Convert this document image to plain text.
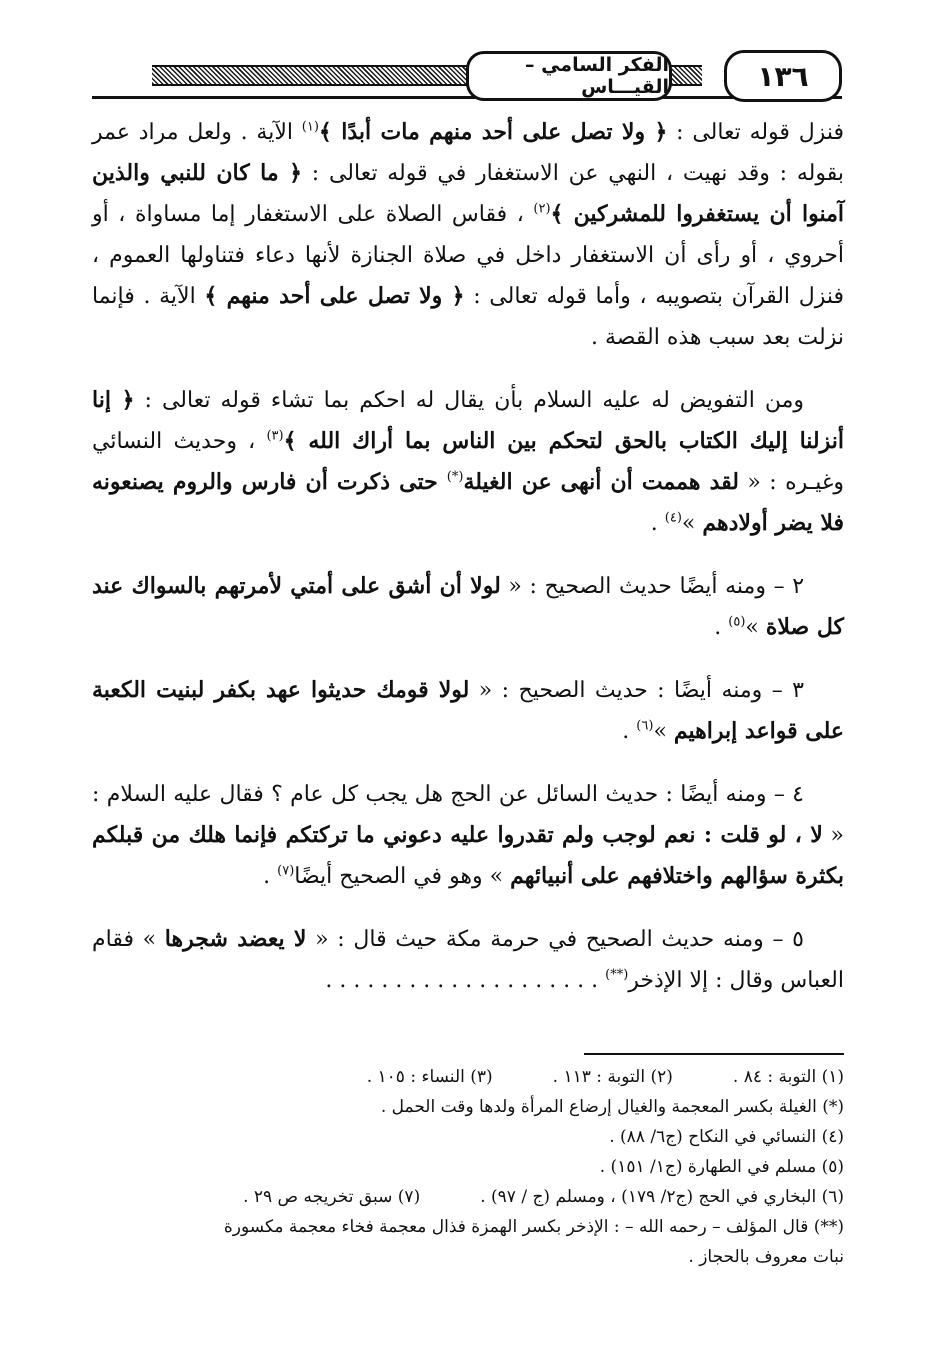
١٣٦
الفكر السامي – القيـــاس

فنزل قوله تعالى : ﴿ ولا تصل على أحد منهم مات أبدًا ﴾$^{(١)}$ الآية . ولعل مراد عمر بقوله : وقد نهيت ، النهي عن الاستغفار في قوله تعالى : ﴿ ما كان للنبي والذين آمنوا أن يستغفروا للمشركين ﴾$^{(٢)}$ ، فقاس الصلاة على الاستغفار إما مساواة ، أو أحروي ، أو رأى أن الاستغفار داخل في صلاة الجنازة لأنها دعاء فتناولها العموم ، فنزل القرآن بتصويبه ، وأما قوله تعالى : ﴿ ولا تصل على أحد منهم ﴾ الآية . فإنما نزلت بعد سبب هذه القصة .

ومن التفويض له عليه السلام بأن يقال له احكم بما تشاء قوله تعالى : ﴿ إنا أنزلنا إليك الكتاب بالحق لتحكم بين الناس بما أراك الله ﴾$^{(٣)}$ ، وحديث النسائي وغيـره : « لقد هممت أن أنهى عن الغيلة(*) حتى ذكرت أن فارس والروم يصنعونه فلا يضر أولادهم »$^{(٤)}$ .

٢ – ومنه أيضًا حديث الصحيح : « لولا أن أشق على أمتي لأمرتهم بالسواك عند كل صلاة »$^{(٥)}$ .

٣ – ومنه أيضًا : حديث الصحيح : « لولا قومك حديثوا عهد بكفر لبنيت الكعبة على قواعد إبراهيم »$^{(٦)}$ .

٤ – ومنه أيضًا : حديث السائل عن الحج هل يجب كل عام ؟ فقال عليه السلام : « لا ، لو قلت : نعم لوجب ولم تقدروا عليه دعوني ما تركتكم فإنما هلك من قبلكم بكثرة سؤالهم واختلافهم على أنبيائهم » وهو في الصحيح أيضًا$^{(٧)}$ .

٥ – ومنه حديث الصحيح في حرمة مكة حيث قال : « لا يعضد شجرها » فقام العباس وقال : إلا الإذخر(**) . . . . . . . . . . . . . . . . . . . .

(١) التوبة : ٨٤ .

(٢) التوبة : ١١٣ .

(٣) النساء : ١٠٥ .

(*) الغيلة بكسر المعجمة والغيال إرضاع المرأة ولدها وقت الحمل .

(٤) النسائي في النكاح (ج٦/ ٨٨) .

(٥) مسلم في الطهارة (ج١/ ١٥١) .

(٦) البخاري في الحج (ج٢/ ١٧٩) ، ومسلم (ج / ٩٧) .

(٧) سبق تخريجه ص ٢٩ .

(**) قال المؤلف – رحمه الله – : الإذخر بكسر الهمزة فذال معجمة فخاء معجمة مكسورة

نبات معروف بالحجاز .
